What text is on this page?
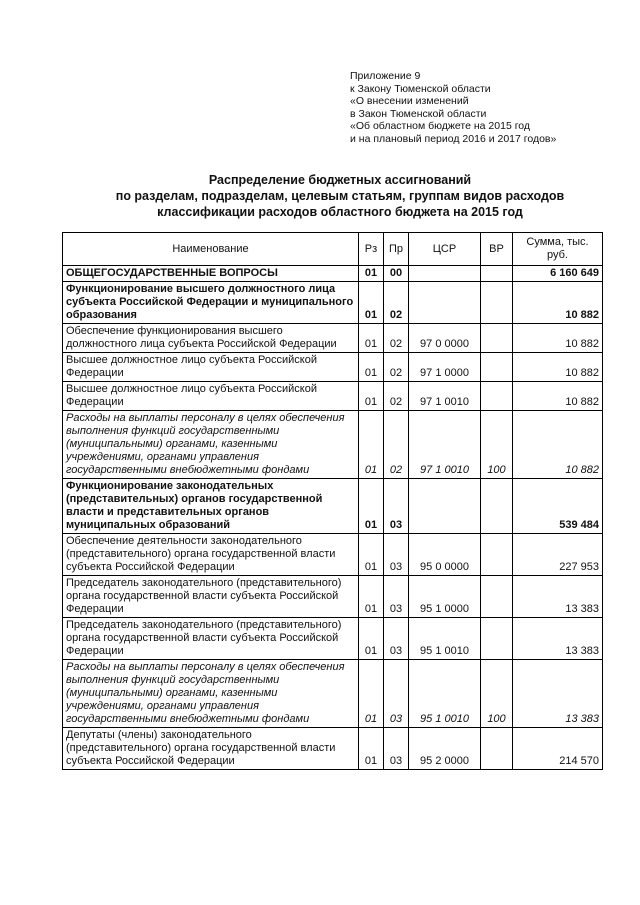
Приложение 9
к Закону Тюменской области
«О внесении изменений
в Закон Тюменской области
«Об областном бюджете на 2015 год
и на плановый период 2016 и 2017 годов»
Распределение бюджетных ассигнований
по разделам, подразделам, целевым статьям, группам видов расходов
классификации расходов областного бюджета на 2015 год
Наименование	Рз	Пр	ЦСР	ВР	Сумма, тыс. руб.
ОБЩЕГОСУДАРСТВЕННЫЕ ВОПРОСЫ	01	00			6 160 649
Функционирование высшего должностного лица субъекта Российской Федерации и муниципального образования	01	02			10 882
Обеспечение функционирования высшего должностного лица субъекта Российской Федерации	01	02	97 0 0000		10 882
Высшее должностное лицо субъекта Российской Федерации	01	02	97 1 0000		10 882
Высшее должностное лицо субъекта Российской Федерации	01	02	97 1 0010		10 882
Расходы на выплаты персоналу в целях обеспечения выполнения функций государственными (муниципальными) органами, казенными учреждениями, органами управления государственными внебюджетными фондами	01	02	97 1 0010	100	10 882
Функционирование законодательных (представительных) органов государственной власти и представительных органов муниципальных образований	01	03			539 484
Обеспечение деятельности законодательного (представительного) органа государственной власти субъекта Российской Федерации	01	03	95 0 0000		227 953
Председатель законодательного (представительного) органа государственной власти субъекта Российской Федерации	01	03	95 1 0000		13 383
Председатель законодательного (представительного) органа государственной власти субъекта Российской Федерации	01	03	95 1 0010		13 383
Расходы на выплаты персоналу в целях обеспечения выполнения функций государственными (муниципальными) органами, казенными учреждениями, органами управления государственными внебюджетными фондами	01	03	95 1 0010	100	13 383
Депутаты (члены) законодательного (представительного) органа государственной власти субъекта Российской Федерации	01	03	95 2 0000		214 570
